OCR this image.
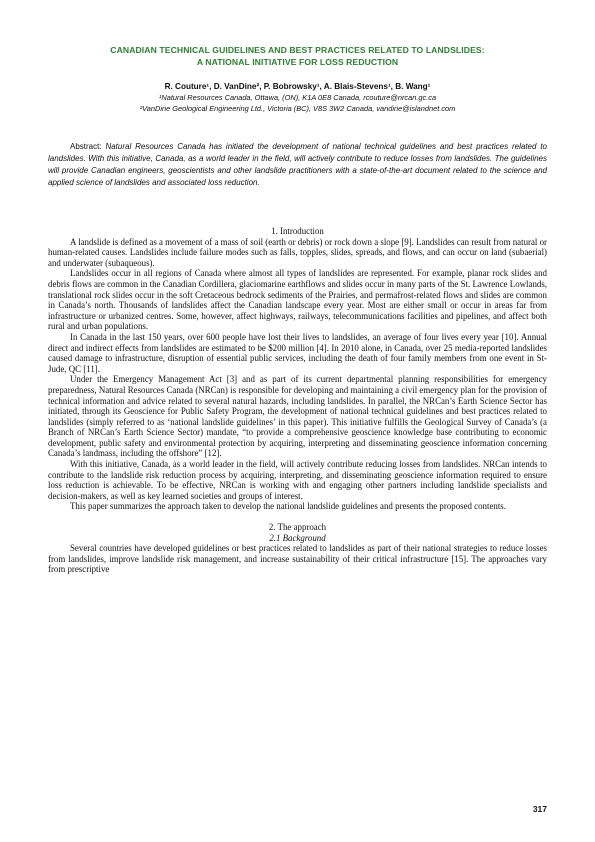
CANADIAN TECHNICAL GUIDELINES AND BEST PRACTICES RELATED TO LANDSLIDES:
A NATIONAL INITIATIVE FOR LOSS REDUCTION
R. Couture¹, D. VanDine², P. Bobrowsky¹, A. Blais-Stevens¹, B. Wang¹
¹Natural Resources Canada, Ottawa, (ON), K1A 0E8 Canada, rcouture@nrcan.gc.ca
²VanDine Geological Engineering Ltd., Victoria (BC), V8S 3W2 Canada, vandine@islandnet.com
Abstract: Natural Resources Canada has initiated the development of national technical guidelines and best practices related to landslides. With this initiative, Canada, as a world leader in the field, will actively contribute to reduce losses from landslides. The guidelines will provide Canadian engineers, geoscientists and other landslide practitioners with a state-of-the-art document related to the science and applied science of landslides and associated loss reduction.

1. Introduction

A landslide is defined as a movement of a mass of soil (earth or debris) or rock down a slope [9]. Landslides can result from natural or human-related causes. Landslides include failure modes such as falls, topples, slides, spreads, and flows, and can occur on land (subaerial) and underwater (subaqueous).

Landslides occur in all regions of Canada where almost all types of landslides are represented. For example, planar rock slides and debris flows are common in the Canadian Cordillera, glaciomarine earthflows and slides occur in many parts of the St. Lawrence Lowlands, translational rock slides occur in the soft Cretaceous bedrock sediments of the Prairies, and permafrost-related flows and slides are common in Canada’s north. Thousands of landslides affect the Canadian landscape every year. Most are either small or occur in areas far from infrastructure or urbanized centres. Some, however, affect highways, railways, telecommunications facilities and pipelines, and affect both rural and urban populations.

In Canada in the last 150 years, over 600 people have lost their lives to landslides, an average of four lives every year [10]. Annual direct and indirect effects from landslides are estimated to be $200 million [4]. In 2010 alone, in Canada, over 25 media-reported landslides caused damage to infrastructure, disruption of essential public services, including the death of four family members from one event in St-Jude, QC [11].

Under the Emergency Management Act [3] and as part of its current departmental planning responsibilities for emergency preparedness, Natural Resources Canada (NRCan) is responsible for developing and maintaining a civil emergency plan for the provision of technical information and advice related to several natural hazards, including landslides. In parallel, the NRCan’s Earth Science Sector has initiated, through its Geoscience for Public Safety Program, the development of national technical guidelines and best practices related to landslides (simply referred to as ‘national landslide guidelines’ in this paper). This initiative fulfills the Geological Survey of Canada’s (a Branch of NRCan’s Earth Science Sector) mandate, “to provide a comprehensive geoscience knowledge base contributing to economic development, public safety and environmental protection by acquiring, interpreting and disseminating geoscience information concerning Canada’s landmass, including the offshore” [12].

With this initiative, Canada, as a world leader in the field, will actively contribute reducing losses from landslides. NRCan intends to contribute to the landslide risk reduction process by acquiring, interpreting, and disseminating geoscience information required to ensure loss reduction is achievable. To be effective, NRCan is working with and engaging other partners including landslide specialists and decision-makers, as well as key learned societies and groups of interest.

This paper summarizes the approach taken to develop the national landslide guidelines and presents the proposed contents.

2. The approach

2.1 Background

Several countries have developed guidelines or best practices related to landslides as part of their national strategies to reduce losses from landslides, improve landslide risk management, and increase sustainability of their critical infrastructure [15]. The approaches vary from prescriptive

317
